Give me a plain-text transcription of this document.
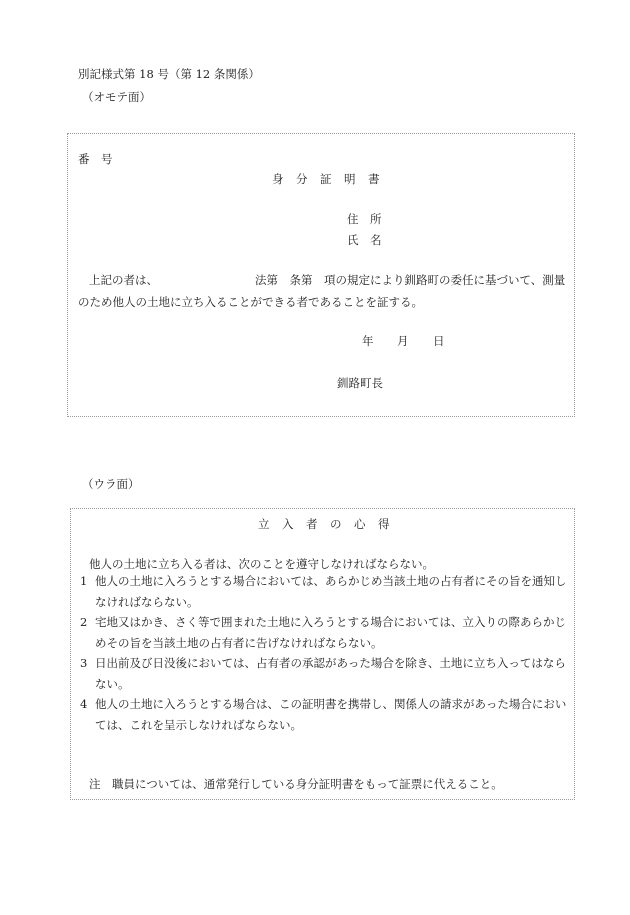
別記様式第 18 号（第 12 条関係）
（オモテ面）
番　号
身　分　証　明　書
住　所
氏　名
上記の者は、	法第　条第　項の規定により釧路町の委任に基づいて、測量
のため他人の土地に立ち入ることができる者であることを証する。
年 月 日
釧路町長
（ウラ面）
立　入　者　の　心　得
他人の土地に立ち入る者は、次のことを遵守しなければならない。
1 他人の土地に入ろうとする場合においては、あらかじめ当該土地の占有者にその旨を通知しなければならない。
2 宅地又はかき、さく等で囲まれた土地に入ろうとする場合においては、立入りの際あらかじめその旨を当該土地の占有者に告げなければならない。
3 日出前及び日没後においては、占有者の承認があった場合を除き、土地に立ち入ってはならない。
4 他人の土地に入ろうとする場合は、この証明書を携帯し、関係人の請求があった場合においては、これを呈示しなければならない。
注　職員については、通常発行している身分証明書をもって証票に代えること。
